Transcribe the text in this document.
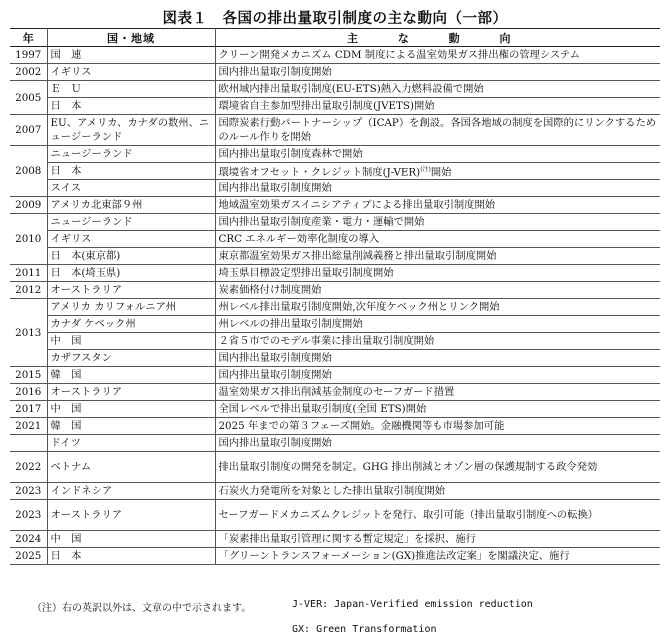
図表１　各国の排出量取引制度の主な動向（一部）
年	国・地域	主 な 動 向
1997	国　連	クリーン開発メカニズム CDM 制度による温室効果ガス排出権の管理システム
2002	イギリス	国内排出量取引制度開始
2005	Ｅ　Ｕ	欧州域内排出量取引制度(EU-ETS)熱入力燃料設備で開始
	日　本	環境省自主参加型排出量取引制度(JVETS)開始
2007	EU、アメリカ、カナダの数州、ニュージーランド	国際炭素行動パートナーシップ（ICAP）を創設。各国各地域の制度を国際的にリンクするためのルール作りを開始
2008	ニュージーランド	国内排出量取引制度森林で開始
	日　本	環境省オフセット・クレジット制度$(J-VER)^{(注)}$開始
	スイス	国内排出量取引制度開始
2009	アメリカ北東部９州	地域温室効果ガスイニシアティブによる排出量取引制度開始
2010	ニュージーランド	国内排出量取引制度産業・電力・運輸で開始
	イギリス	CRC エネルギー効率化制度の導入
	日　本(東京都)	東京都温室効果ガス排出総量削減義務と排出量取引制度開始
2011	日　本(埼玉県)	埼玉県目標設定型排出量取引制度開始
2012	オーストラリア	炭素価格付け制度開始
2013	アメリカ カリフォルニア州	州レベル排出量取引制度開始,次年度ケベック州とリンク開始
	カナダ ケベック州	州レベルの排出量取引制度開始
	中　国	２省５市でのモデル事業に排出量取引制度開始
	カザフスタン	国内排出量取引制度開始
2015	韓　国	国内排出量取引制度開始
2016	オーストラリア	温室効果ガス排出削減基金制度のセーフガード措置
2017	中　国	全国レベルで排出量取引制度(全国 ETS)開始
2021	韓　国	2025 年までの第３フェーズ開始。金融機関等も市場参加可能
	ドイツ	国内排出量取引制度開始
2022	ベトナム	排出量取引制度の開発を制定。GHG 排出削減とオゾン層の保護規制する政令発効
2023	インドネシア	石炭火力発電所を対象とした排出量取引制度開始
2023	オーストラリア	セーフガードメカニズムクレジットを発行、取引可能（排出量取引制度への転換）
2024	中　国	「炭素排出量取引管理に関する暫定規定」を採択、施行
2025	日　本	「グリーントランスフォーメーション(GX)推進法改定案」を閣議決定、施行
（注）右の英訳以外は、文章の中で示されます。	J-VER: Japan-Verified emission reduction
GX: Green Transformation
